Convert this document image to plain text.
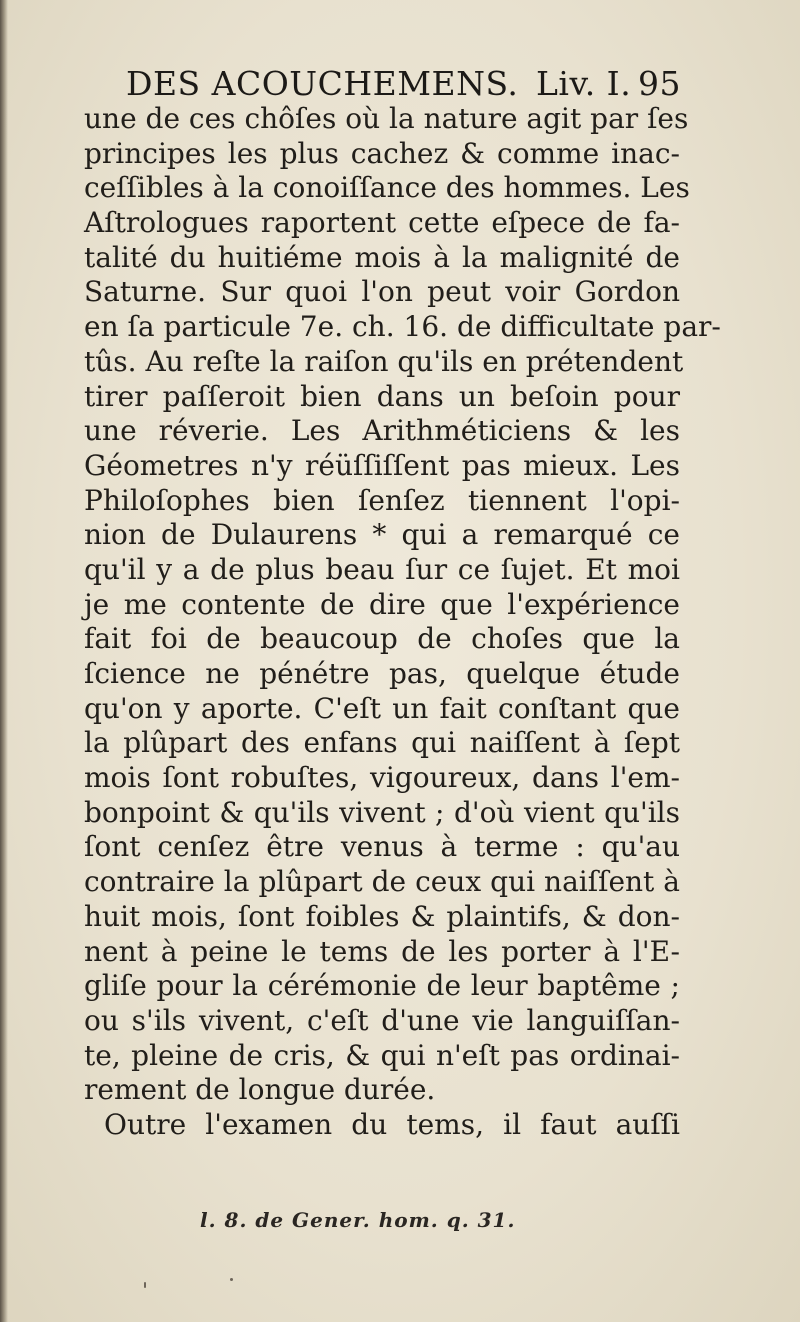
DES ACOUCHEMENS. Liv. I. 95
une de ces chôſes où la nature agit par ſes
principes les plus cachez & comme inac-
ceſſibles à la conoiſſance des hommes. Les
Aſtrologues raportent cette eſpece de fa-
talité du huitiéme mois à la malignité de
Saturne. Sur quoi l'on peut voir Gordon
en ſa particule 7e. ch. 16. de difficultate par-
tûs. Au reſte la raiſon qu'ils en prétendent
tirer paſſeroit bien dans un beſoin pour
une réverie. Les Arithméticiens & les
Géometres n'y réüſſiſſent pas mieux. Les
Philoſophes bien ſenſez tiennent l'opi-
nion de Dulaurens * qui a remarqué ce
qu'il y a de plus beau ſur ce ſujet. Et moi
je me contente de dire que l'expérience
fait foi de beaucoup de choſes que la
ſcience ne pénétre pas, quelque étude
qu'on y aporte. C'eſt un fait conſtant que
la plûpart des enfans qui naiſſent à ſept
mois ſont robuſtes, vigoureux, dans l'em-
bonpoint & qu'ils vivent ; d'où vient qu'ils
ſont cenſez être venus à terme : qu'au
contraire la plûpart de ceux qui naiſſent à
huit mois, ſont foibles & plaintifs, & don-
nent à peine le tems de les porter à l'E-
gliſe pour la cérémonie de leur baptême ;
ou s'ils vivent, c'eſt d'une vie languiſſan-
te, pleine de cris, & qui n'eſt pas ordinai-
rement de longue durée.
Outre l'examen du tems, il faut auſſi
l. 8. de Gener. hom. q. 31.
